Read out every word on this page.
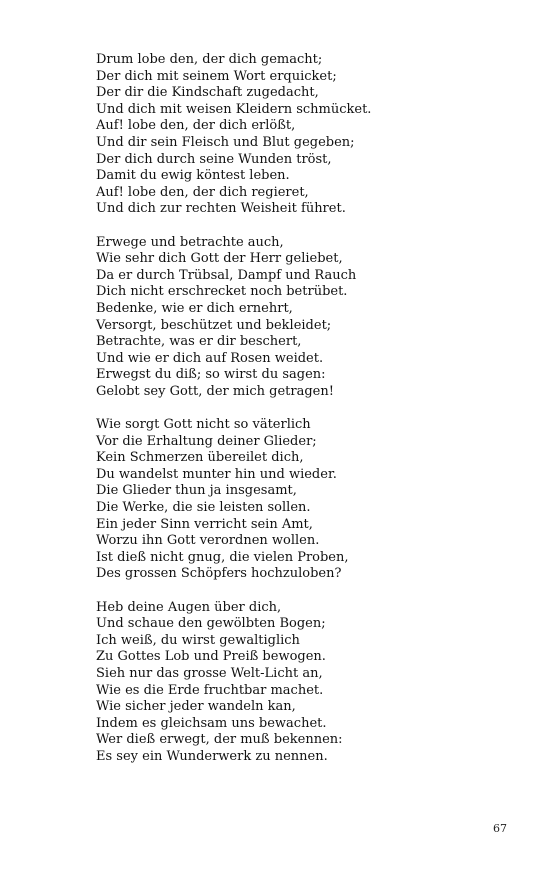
Drum lobe den, der dich gemacht;
Der dich mit seinem Wort erquicket;
Der dir die Kindschaft zugedacht,
Und dich mit weisen Kleidern schmücket.
Auf! lobe den, der dich erlößt,
Und dir sein Fleisch und Blut gegeben;
Der dich durch seine Wunden tröst,
Damit du ewig köntest leben.
Auf! lobe den, der dich regieret,
Und dich zur rechten Weisheit führet.
Erwege und betrachte auch,
Wie sehr dich Gott der Herr geliebet,
Da er durch Trübsal, Dampf und Rauch
Dich nicht erschrecket noch betrübet.
Bedenke, wie er dich ernehrt,
Versorgt, beschützet und bekleidet;
Betrachte, was er dir beschert,
Und wie er dich auf Rosen weidet.
Erwegst du diß; so wirst du sagen:
Gelobt sey Gott, der mich getragen!
Wie sorgt Gott nicht so väterlich
Vor die Erhaltung deiner Glieder;
Kein Schmerzen übereilet dich,
Du wandelst munter hin und wieder.
Die Glieder thun ja insgesamt,
Die Werke, die sie leisten sollen.
Ein jeder Sinn verricht sein Amt,
Worzu ihn Gott verordnen wollen.
Ist dieß nicht gnug, die vielen Proben,
Des grossen Schöpfers hochzuloben?
Heb deine Augen über dich,
Und schaue den gewölbten Bogen;
Ich weiß, du wirst gewaltiglich
Zu Gottes Lob und Preiß bewogen.
Sieh nur das grosse Welt-Licht an,
Wie es die Erde fruchtbar machet.
Wie sicher jeder wandeln kan,
Indem es gleichsam uns bewachet.
Wer dieß erwegt, der muß bekennen:
Es sey ein Wunderwerk zu nennen.
67
